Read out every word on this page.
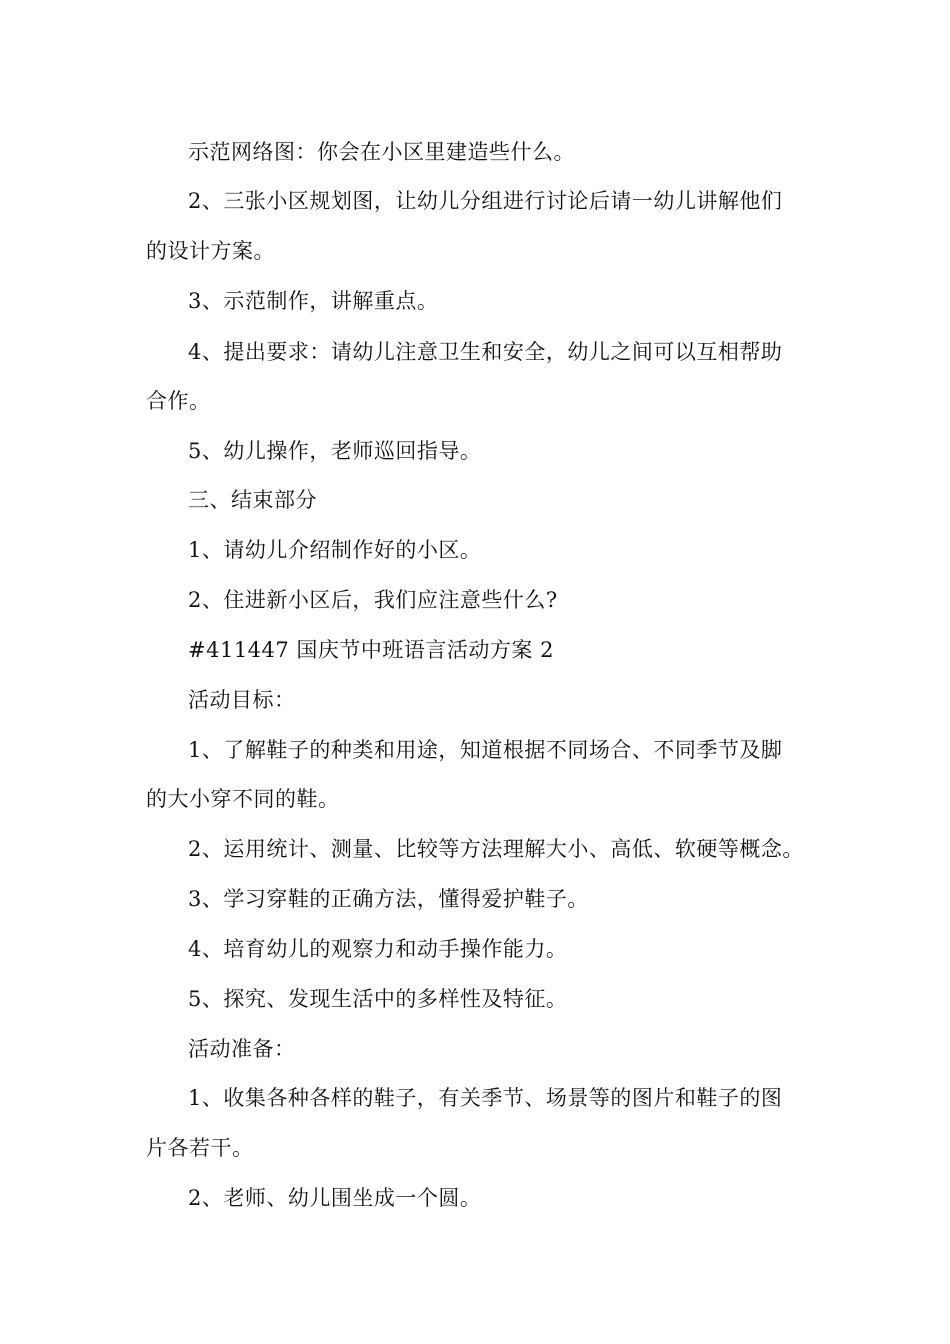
示范网络图：你会在小区里建造些什么。
2、三张小区规划图，让幼儿分组进行讨论后请一幼儿讲解他们
的设计方案。
3、示范制作，讲解重点。
4、提出要求：请幼儿注意卫生和安全，幼儿之间可以互相帮助
合作。
5、幼儿操作，老师巡回指导。
三、结束部分
1、请幼儿介绍制作好的小区。
2、住进新小区后，我们应注意些什么?
#411447 国庆节中班语言活动方案 2
活动目标：
1、了解鞋子的种类和用途，知道根据不同场合、不同季节及脚
的大小穿不同的鞋。
2、运用统计、测量、比较等方法理解大小、高低、软硬等概念。
3、学习穿鞋的正确方法，懂得爱护鞋子。
4、培育幼儿的观察力和动手操作能力。
5、探究、发现生活中的多样性及特征。
活动准备：
1、收集各种各样的鞋子，有关季节、场景等的图片和鞋子的图
片各若干。
2、老师、幼儿围坐成一个圆。
